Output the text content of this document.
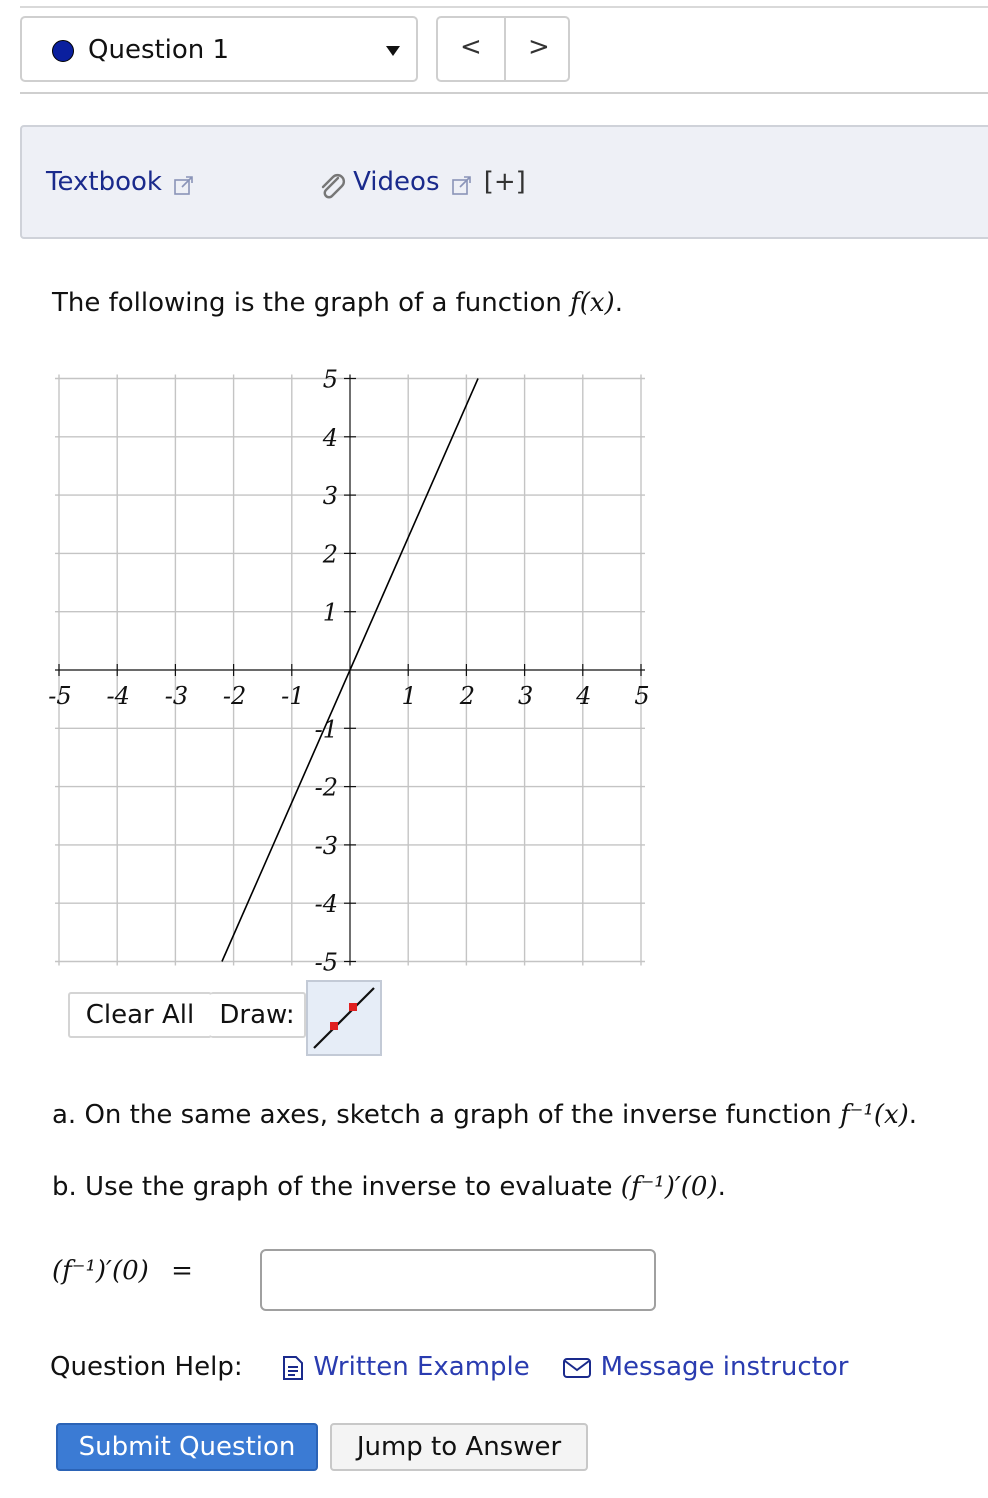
Question 1	< >
Textbook	Videos [+]
The following is the graph of a function f(x).
-5 -4 -3 -2 -1	1 2 3 4 5
5
4
3
2
1
-1
-2
-3
-4
-5
Clear All Draw:
a. On the same axes, sketch a graph of the inverse function f⁻¹(x).
b. Use the graph of the inverse to evaluate (f⁻¹)′(0).
(f⁻¹)′(0) =
Question Help:	Written Example	Message instructor
Submit Question	Jump to Answer
